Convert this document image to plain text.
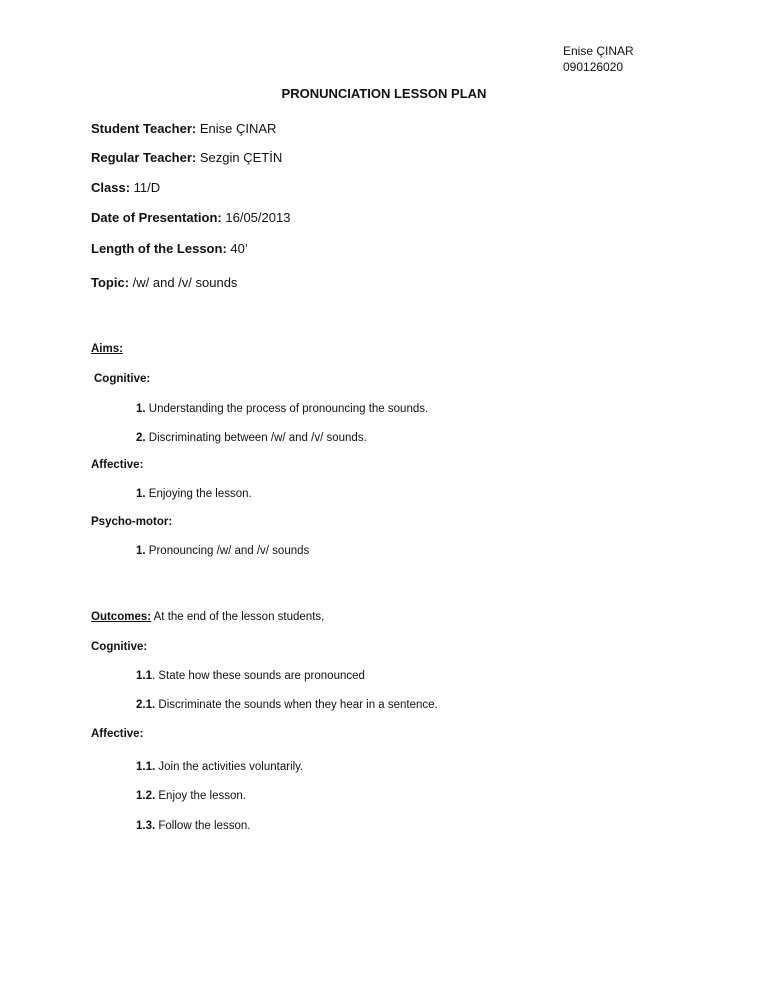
Enise ÇINAR
090126020
PRONUNCIATION LESSON PLAN
Student Teacher: Enise ÇINAR
Regular Teacher: Sezgin ÇETİN
Class: 11/D
Date of Presentation: 16/05/2013
Length of the Lesson: 40’
Topic: /w/ and /v/ sounds
Aims:
Cognitive:
1. Understanding the process of pronouncing the sounds.
2. Discriminating between /w/ and /v/ sounds.
Affective:
1. Enjoying the lesson.
Psycho-motor:
1. Pronouncing /w/ and /v/ sounds
Outcomes: At the end of the lesson students,
Cognitive:
1.1. State how these sounds are pronounced
2.1. Discriminate the sounds when they hear in a sentence.
Affective:
1.1. Join the activities voluntarily.
1.2. Enjoy the lesson.
1.3. Follow the lesson.
